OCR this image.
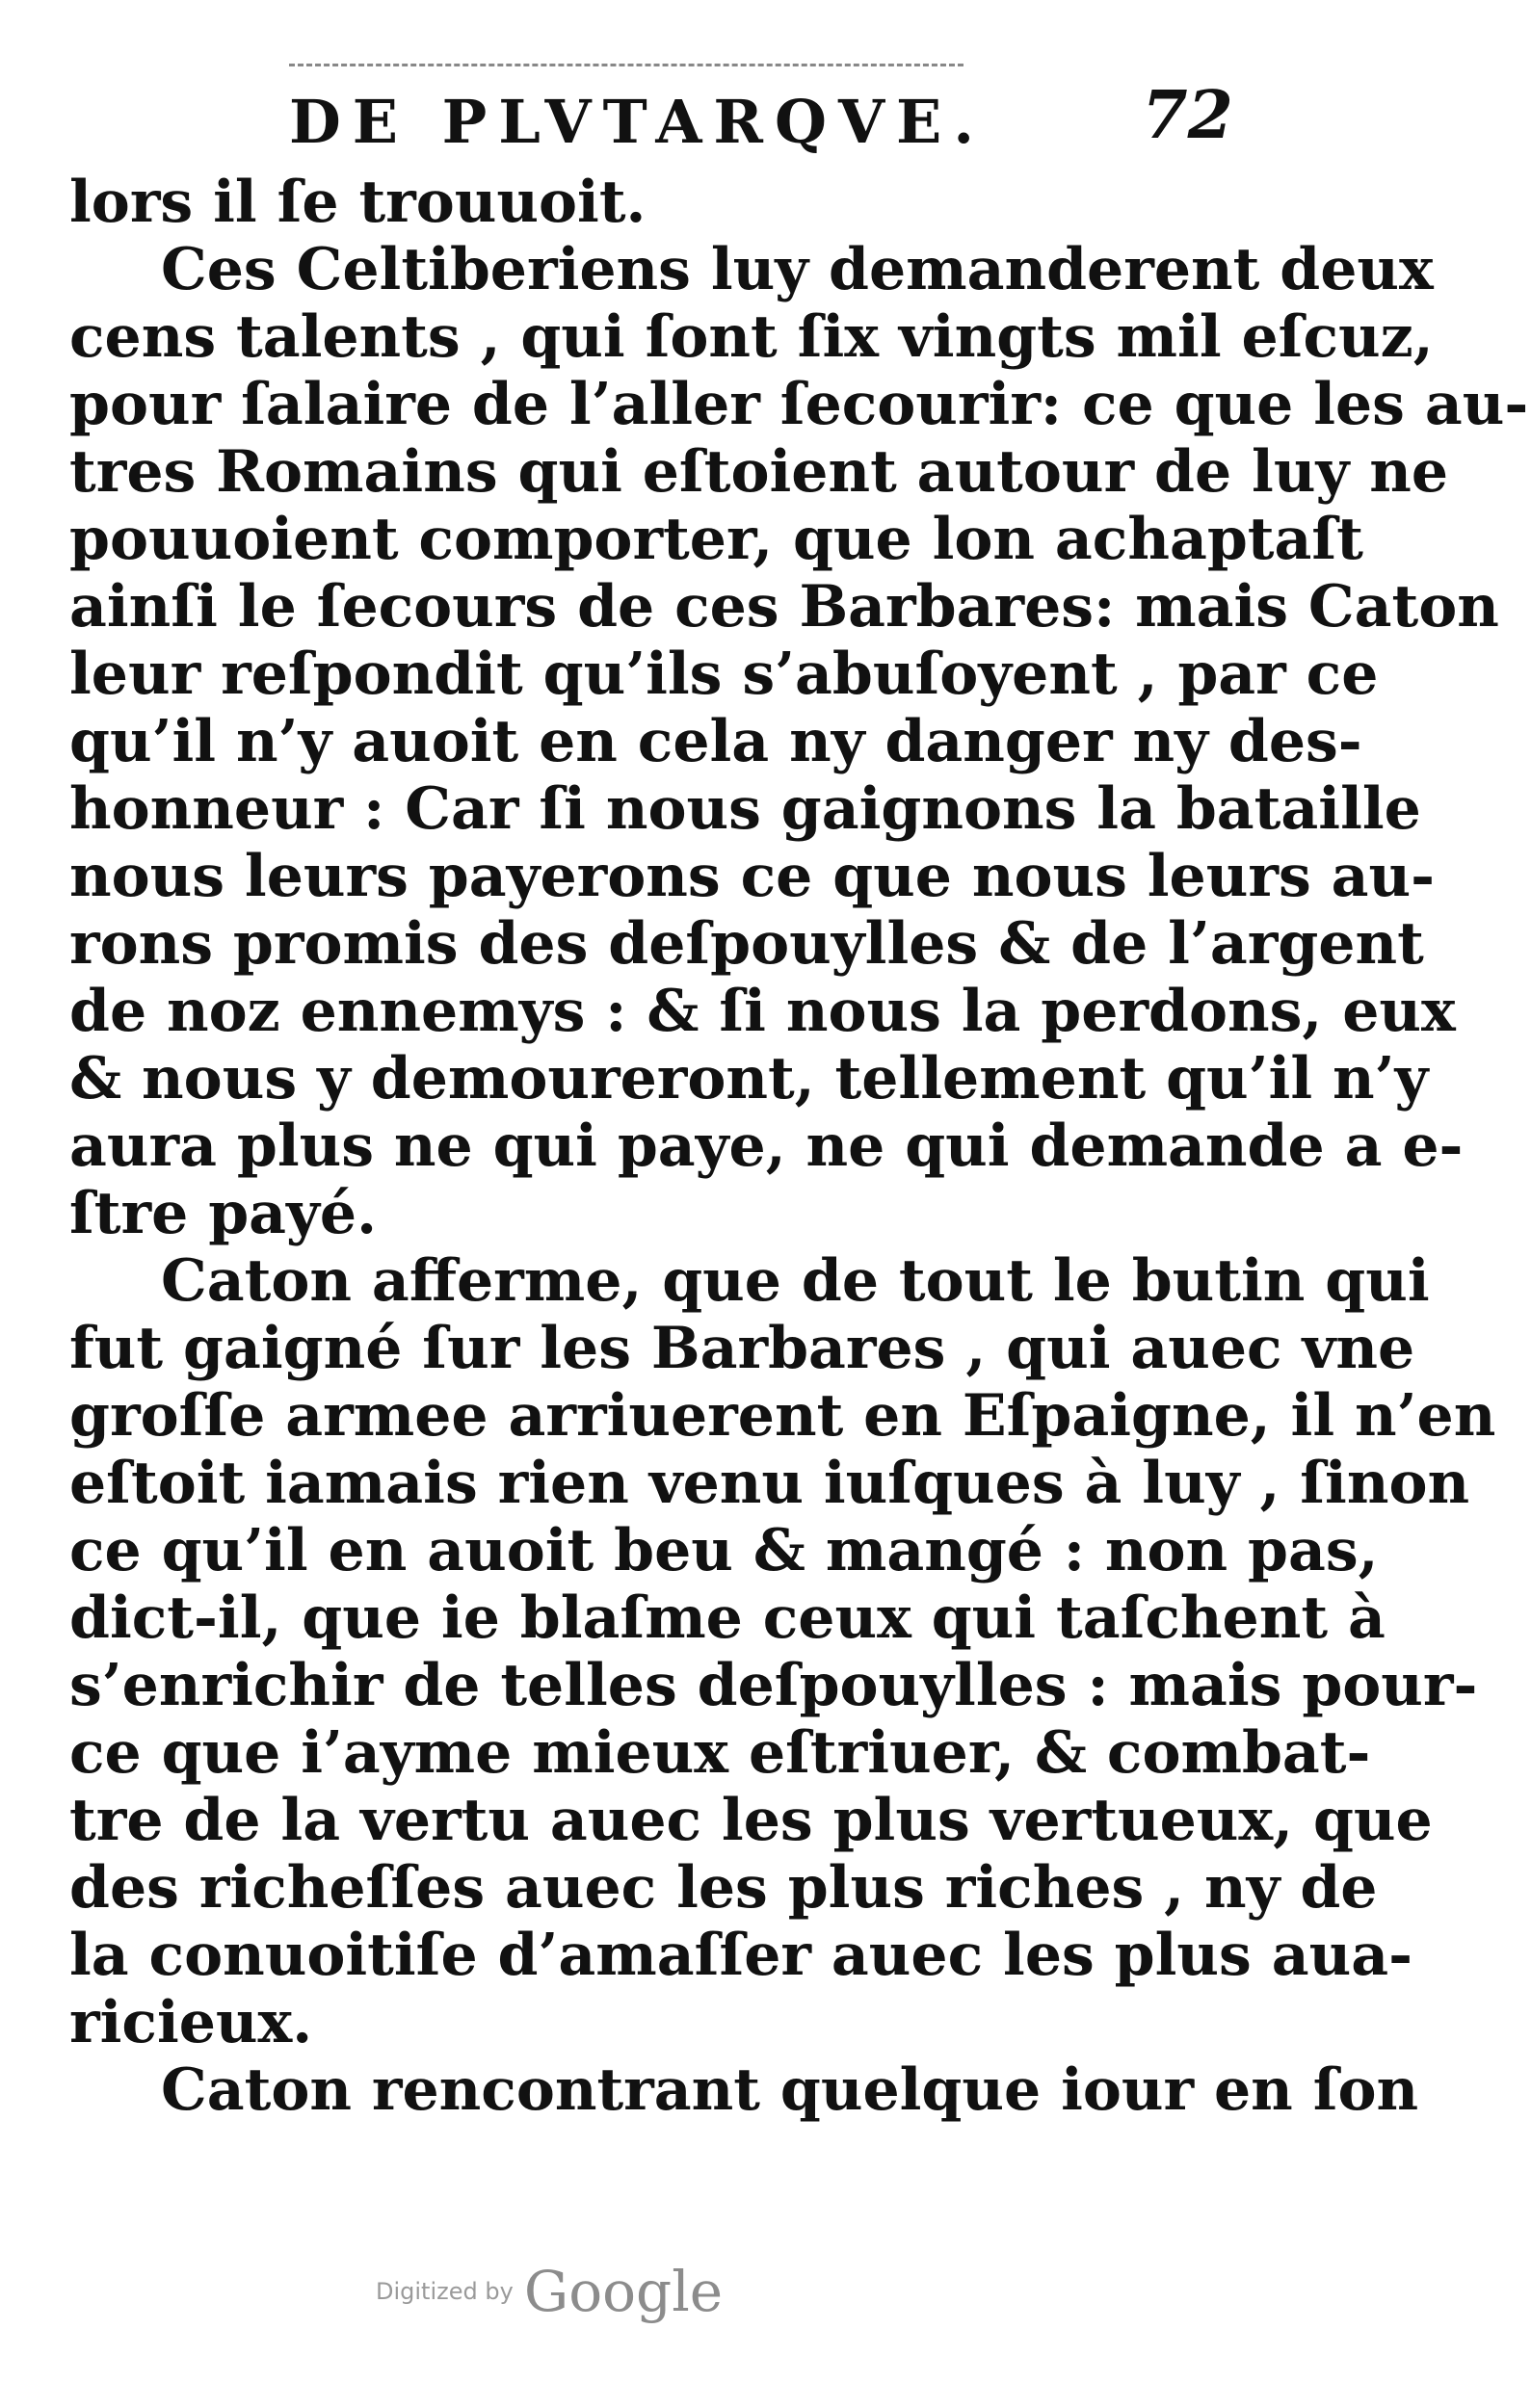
DE PLVTARQVE. 72
lors il ſe trouuoit.
Ces Celtiberiens luy demanderent deux
cens talents , qui ſont ſix vingts mil eſcuz,
pour ſalaire de l’aller ſecourir: ce que les au-
tres Romains qui eſtoient autour de luy ne
pouuoient comporter, que lon achaptaſt
ainſi le ſecours de ces Barbares: mais Caton
leur reſpondit qu’ils s’abuſoyent , par ce
qu’il n’y auoit en cela ny danger ny des-
honneur : Car ſi nous gaignons la bataille
nous leurs payerons ce que nous leurs au-
rons promis des deſpouylles & de l’argent
de noz ennemys : & ſi nous la perdons, eux
& nous y demoureront, tellement qu’il n’y
aura plus ne qui paye, ne qui demande a e-
ſtre payé.
Caton afferme, que de tout le butin qui
fut gaigné ſur les Barbares , qui auec vne
groſſe armee arriuerent en Eſpaigne, il n’en
eſtoit iamais rien venu iuſques à luy , ſinon
ce qu’il en auoit beu & mangé : non pas,
dict-il, que ie blaſme ceux qui taſchent à
s’enrichir de telles deſpouylles : mais pour-
ce que i’ayme mieux eſtriuer, & combat-
tre de la vertu auec les plus vertueux, que
des richeſſes auec les plus riches , ny de
la conuoitiſe d’amaſſer auec les plus aua-
ricieux.
Caton rencontrant quelque iour en ſon
Digitized by Google
